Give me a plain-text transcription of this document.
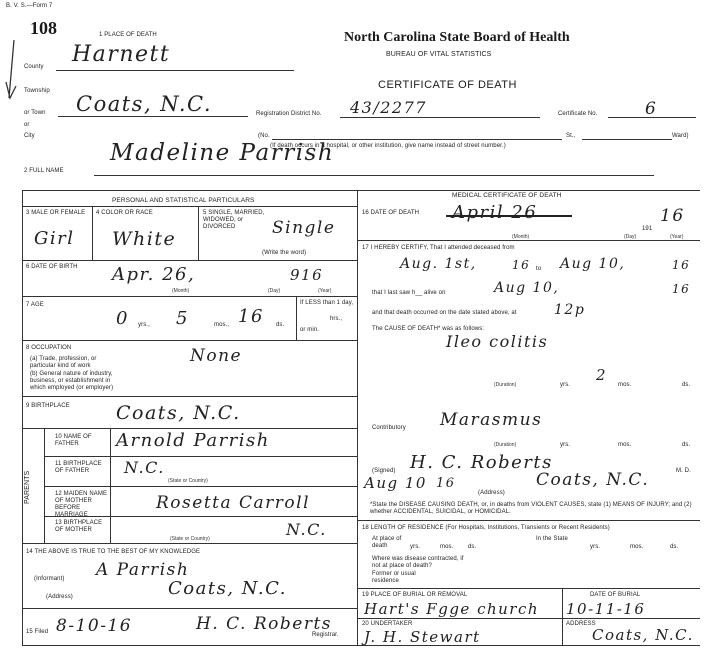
B. V. S.—Form 7
108	North Carolina State Board of Health
BUREAU OF VITAL STATISTICS
CERTIFICATE OF DEATH
1 PLACE OF DEATH
County Harnett
Township
or Town
or
City
Coats, N.C.	Registration District No. 43/2277	Certificate No.	6
(No.	St.,	Ward)
(If death occurs in a hospital, or other institution, give name instead of street number.)
2 FULL NAME
Madeline Parrish
PERSONAL AND STATISTICAL PARTICULARS
3 MALE OR FEMALE
Girl
4 COLOR OR RACE
White
5 SINGLE, MARRIED, WIDOWED, or DIVORCED	Single
(Write the word)
6 DATE OF BIRTH Apr. 26,	916
(Month)	(Day)	(Year)
7 AGE
0 yrs., 5	mos., 16 ds.
If LESS than 1 day,
hrs.,
or min.
8 OCCUPATION
(a) Trade, profession, or particular kind of work
(b) General nature of industry, business, or establishment in which employed (or employer)
None
9 BIRTHPLACE Coats, N.C.
PARENTS
10 NAME OF FATHER	Arnold Parrish
11 BIRTHPLACE OF FATHER	N.C.
(State or Country)
12 MAIDEN NAME OF MOTHER BEFORE MARRIAGE
Rosetta Carroll
13 BIRTHPLACE OF MOTHER	N.C.
(State or Country)
14 THE ABOVE IS TRUE TO THE BEST OF MY KNOWLEDGE
A Parrish
(Informant)	Coats, N.C.
(Address)
15 Filed 8-10-16	H. C. Roberts
Registrar.
MEDICAL CERTIFICATE OF DEATH
16 DATE OF DEATH April 26
191
16
(Month)	(Day)	(Year)
17 I HEREBY CERTIFY, That I attended deceased from
Aug. 1st,	16 to Aug 10,	16
that I last saw h__ alive on	Aug 10,	16
and that death occurred on the date stated above, at	12p
The CAUSE OF DEATH* was as follows:
Ileo colitis
(Duration)
2
yrs.	mos.	ds.
Contributory Marasmus
(Duration)	yrs.	mos.	ds.
(Signed) H. C. Roberts	M. D.
Aug 10 16
(Address)
Coats, N.C.
*State the DISEASE CAUSING DEATH, or, in deaths from VIOLENT CAUSES, state (1) MEANS OF INJURY; and (2) whether ACCIDENTAL, SUICIDAL, or HOMICIDAL.
18 LENGTH OF RESIDENCE (For Hospitals, Institutions, Transients or Recent Residents)
At place of death	yrs.	mos. ds.
In the State
yrs.	mos.	ds.
Where was disease contracted, if not at place of death?
Former or usual residence
19 PLACE OF BURIAL OR REMOVAL
Hart's Fgge church
DATE OF BURIAL
10-11-16
20 UNDERTAKER
J. H. Stewart
ADDRESS
Coats, N.C.
